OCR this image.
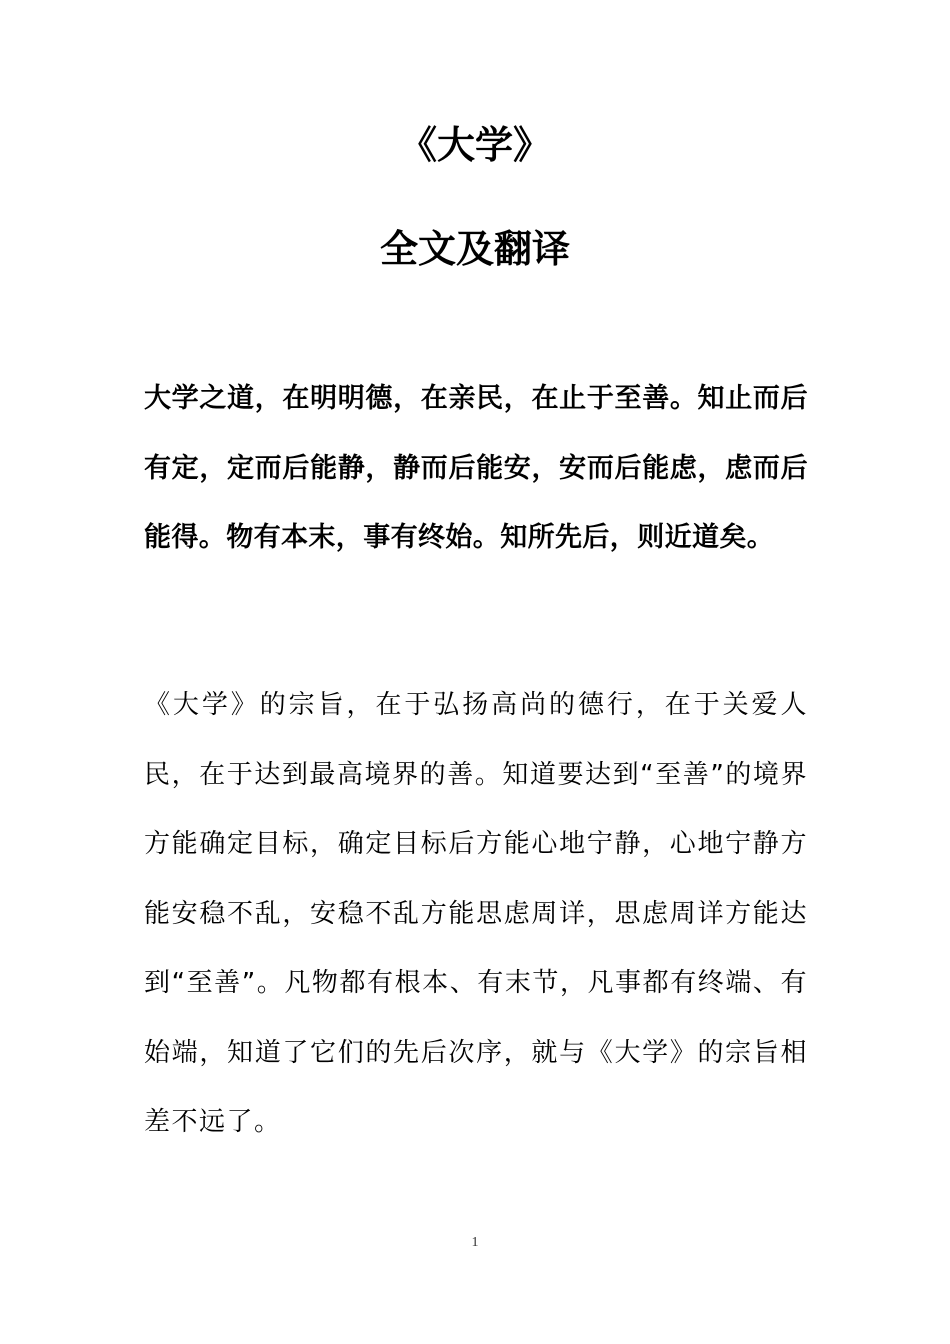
《大学》
全文及翻译

大学之道，在明明德，在亲民，在止于至善。知止而后有定，定而后能静，静而后能安，安而后能虑，虑而后能得。物有本末，事有终始。知所先后，则近道矣。

《大学》的宗旨，在于弘扬高尚的德行，在于关爱人民，在于达到最高境界的善。知道要达到“至善”的境界方能确定目标，确定目标后方能心地宁静，心地宁静方能安稳不乱，安稳不乱方能思虑周详，思虑周详方能达到“至善”。凡物都有根本、有末节，凡事都有终端、有始端，知道了它们的先后次序，就与《大学》的宗旨相差不远了。

1
